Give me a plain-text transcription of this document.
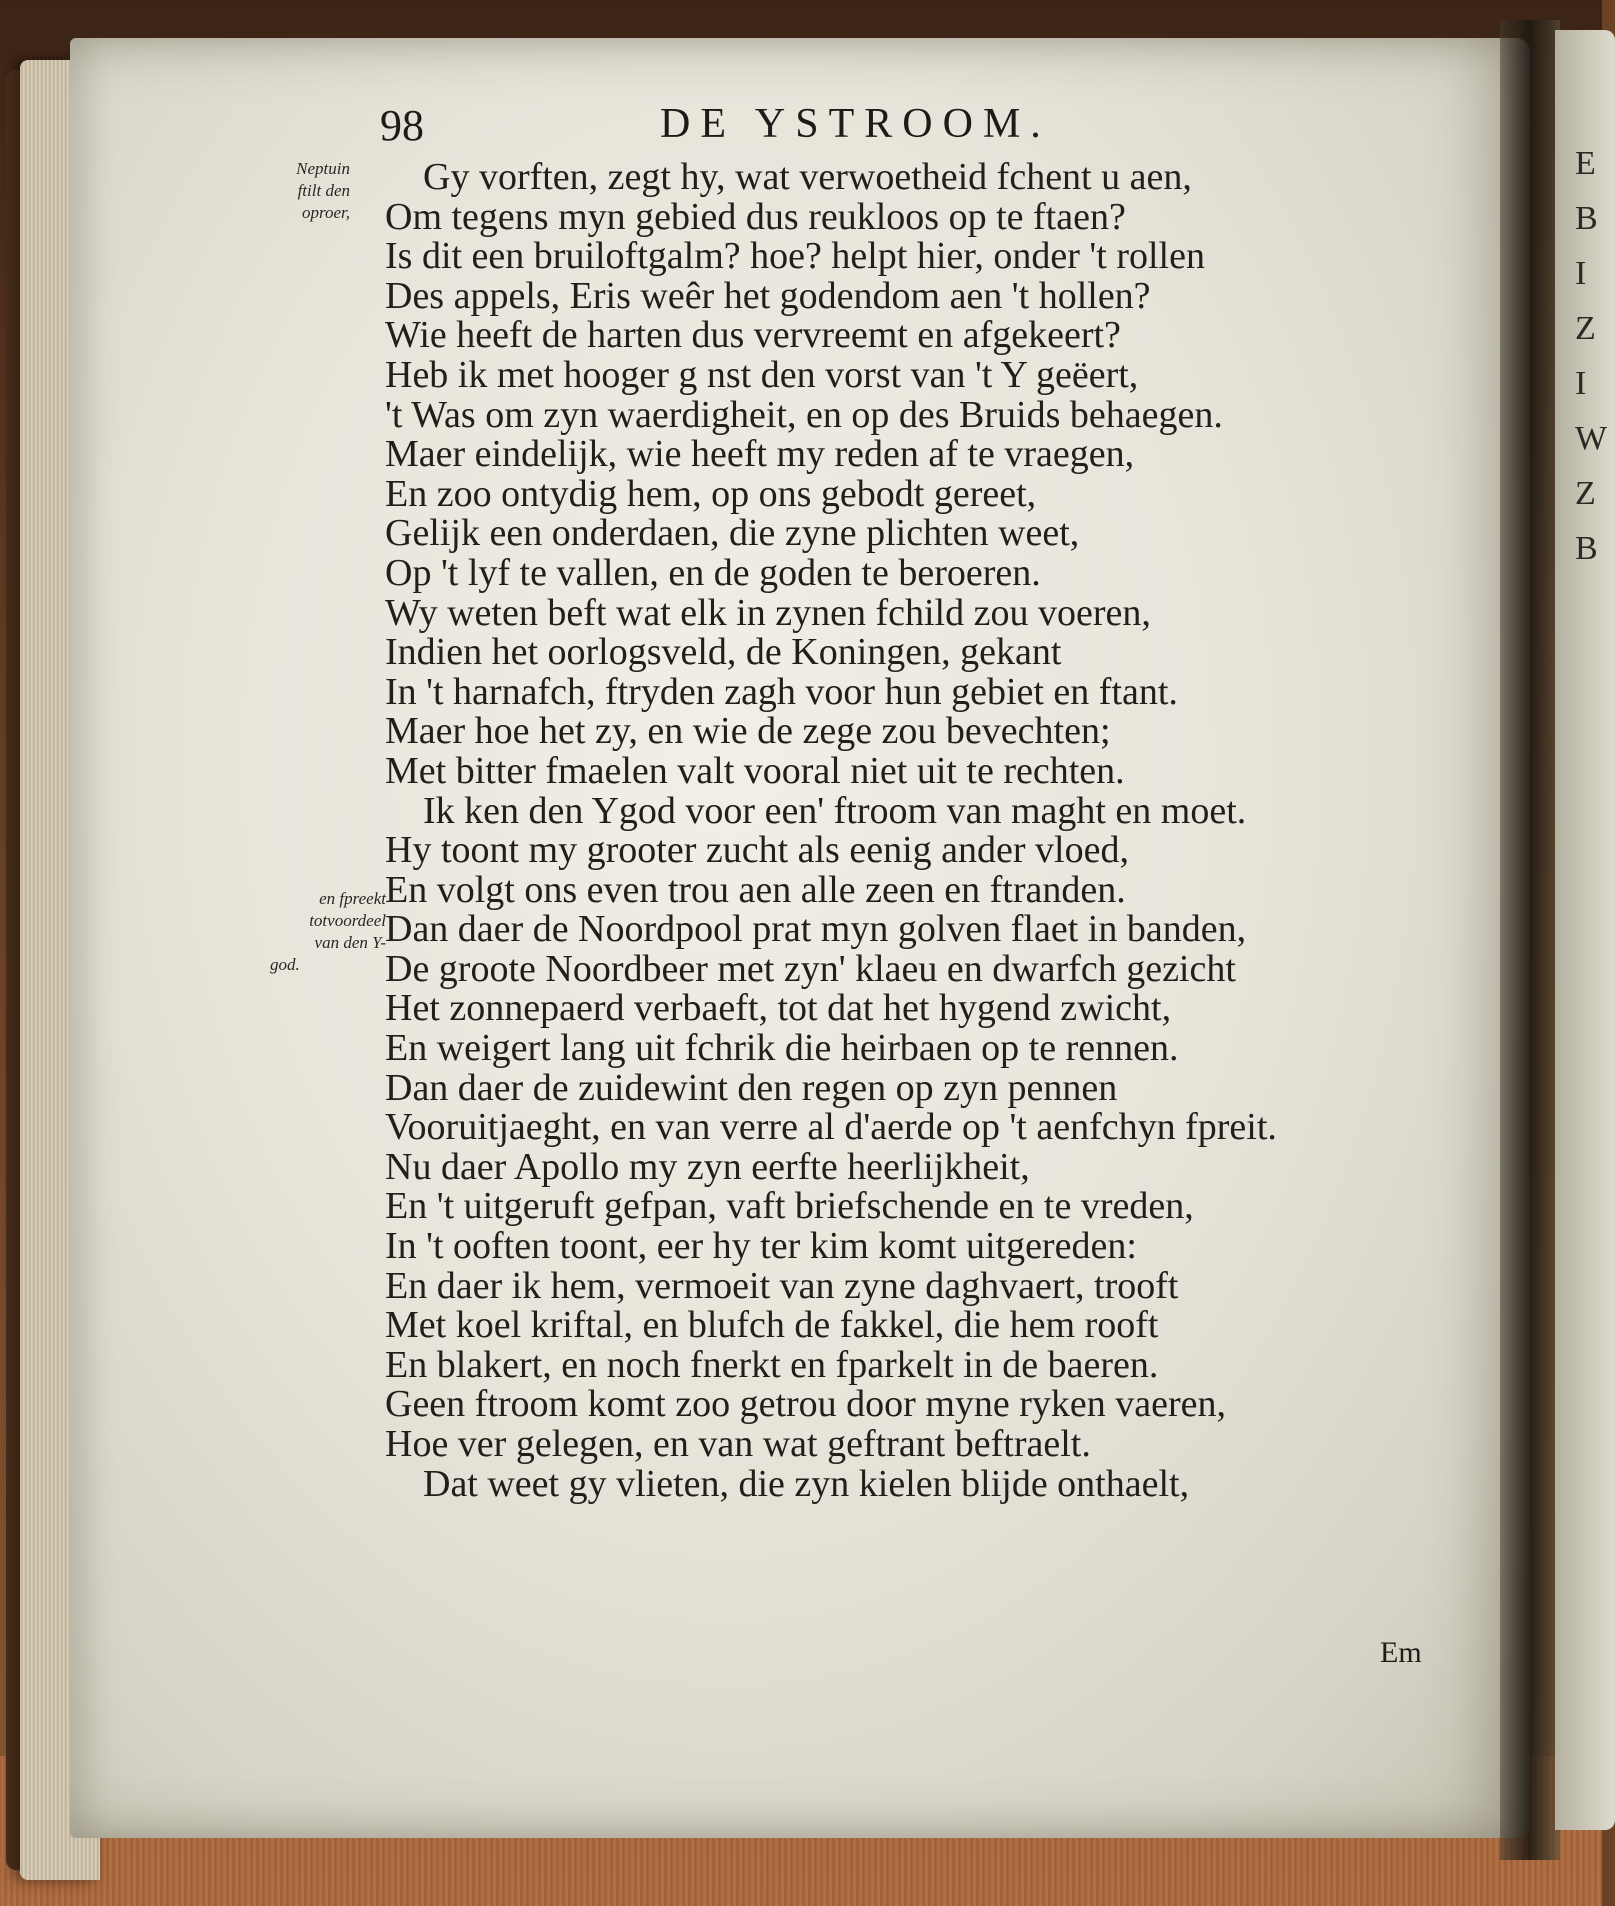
E
B
I
Z
I
W
Z
B
98	DE YSTROOM.
Neptuin
ftilt den
oproer,
en fpreekt
totvoordeel
van den Y-
god.
Gy vorften, zegt hy, wat verwoetheid fchent u aen,
Om tegens myn gebied dus reukloos op te ftaen?
Is dit een bruiloftgalm? hoe? helpt hier, onder 't rollen
Des appels, Eris weêr het godendom aen 't hollen?
Wie heeft de harten dus vervreemt en afgekeert?
Heb ik met hooger g nst den vorst van 't Y geëert,
't Was om zyn waerdigheit, en op des Bruids behaegen.
Maer eindelijk, wie heeft my reden af te vraegen,
En zoo ontydig hem, op ons gebodt gereet,
Gelijk een onderdaen, die zyne plichten weet,
Op 't lyf te vallen, en de goden te beroeren.
Wy weten beft wat elk in zynen fchild zou voeren,
Indien het oorlogsveld, de Koningen, gekant
In 't harnafch, ftryden zagh voor hun gebiet en ftant.
Maer hoe het zy, en wie de zege zou bevechten;
Met bitter fmaelen valt vooral niet uit te rechten.
Ik ken den Ygod voor een' ftroom van maght en moet.
Hy toont my grooter zucht als eenig ander vloed,
En volgt ons even trou aen alle zeen en ftranden.
Dan daer de Noordpool prat myn golven flaet in banden,
De groote Noordbeer met zyn' klaeu en dwarfch gezicht
Het zonnepaerd verbaeft, tot dat het hygend zwicht,
En weigert lang uit fchrik die heirbaen op te rennen.
Dan daer de zuidewint den regen op zyn pennen
Vooruitjaeght, en van verre al d'aerde op 't aenfchyn fpreit.
Nu daer Apollo my zyn eerfte heerlijkheit,
En 't uitgeruft gefpan, vaft briefschende en te vreden,
In 't ooften toont, eer hy ter kim komt uitgereden:
En daer ik hem, vermoeit van zyne daghvaert, trooft
Met koel kriftal, en blufch de fakkel, die hem rooft
En blakert, en noch fnerkt en fparkelt in de baeren.
Geen ftroom komt zoo getrou door myne ryken vaeren,
Hoe ver gelegen, en van wat geftrant beftraelt.
Dat weet gy vlieten, die zyn kielen blijde onthaelt,
Em
